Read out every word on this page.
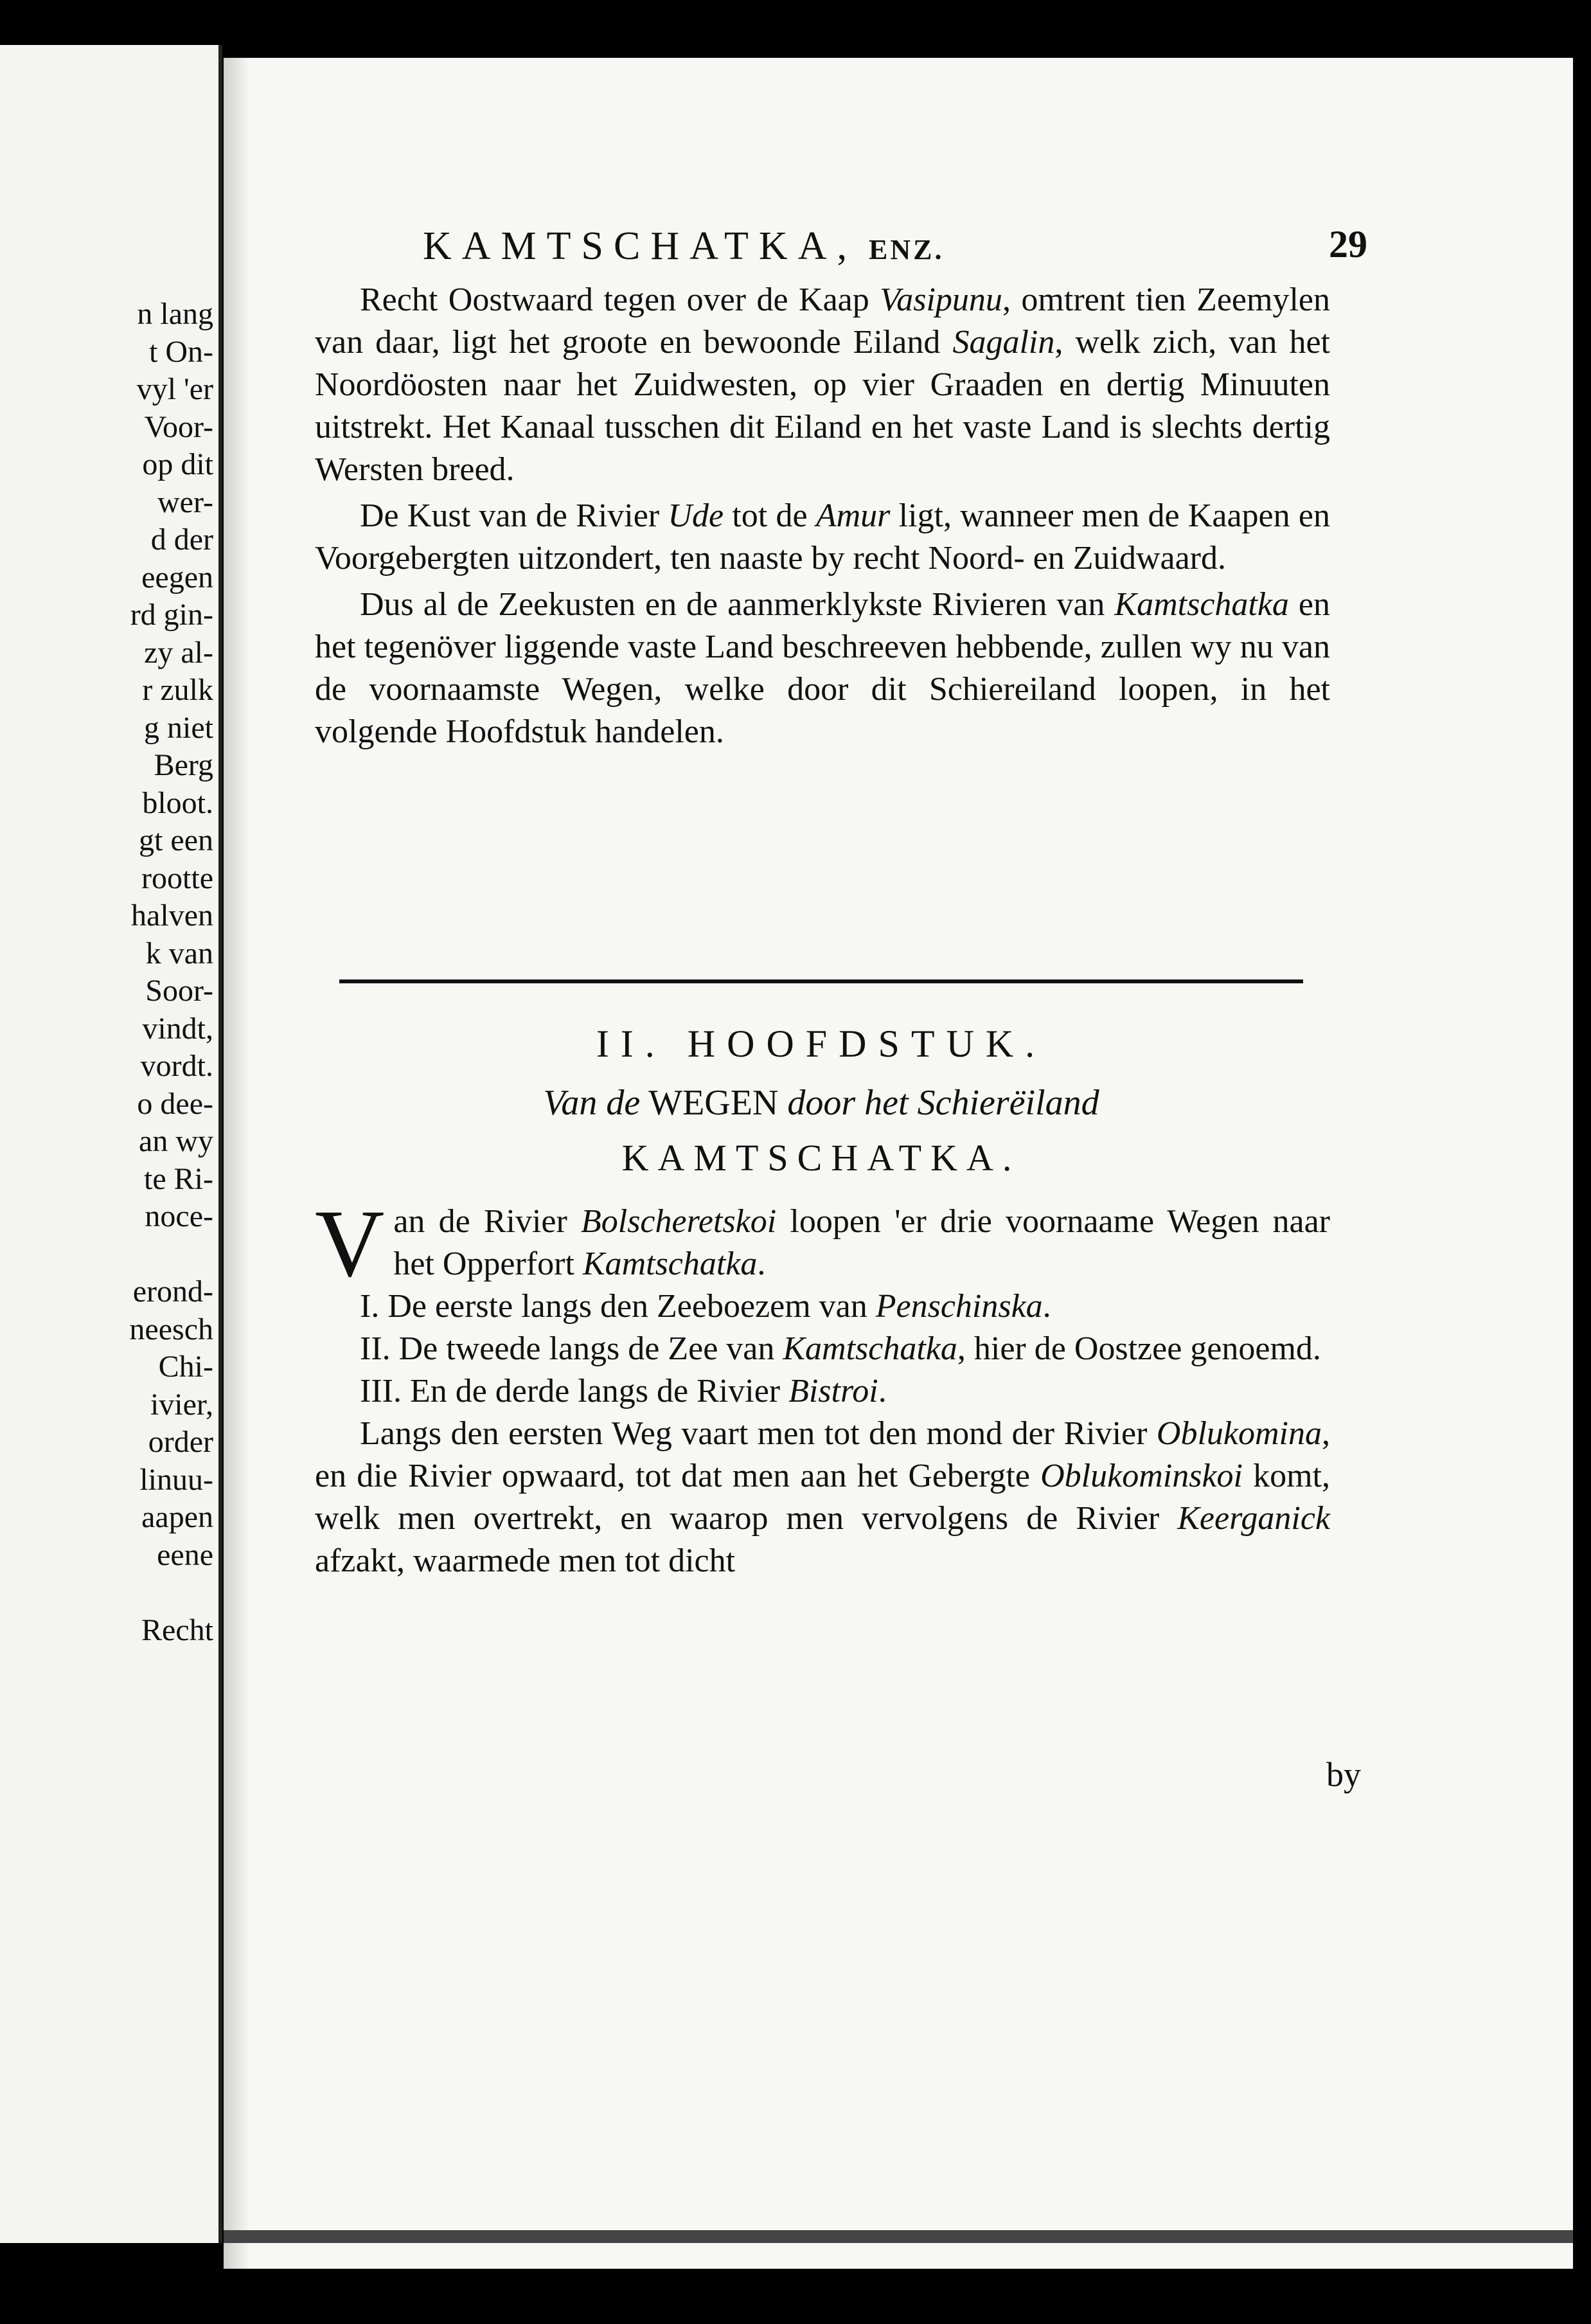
n lang
t On-
vyl 'er
Voor-
op dit
wer-
d der
eegen
rd gin-
zy al-
r zulk
g niet
Berg
bloot.
gt een
rootte
halven
k van
Soor-
vindt,
vordt.
o dee-
an wy
te Ri-
noce-
erond-
neesch
Chi-
ivier,
order
linuu-
aapen
eene
Recht
KAMTSCHATKA, ENZ.	29

Recht Oostwaard tegen over de Kaap Vasipunu, omtrent tien Zeemylen van daar, ligt het groote en bewoonde Eiland Sagalin, welk zich, van het Noordöosten naar het Zuidwesten, op vier Graaden en dertig Minuuten uitstrekt. Het Kanaal tusschen dit Eiland en het vaste Land is slechts dertig Wersten breed.

De Kust van de Rivier Ude tot de Amur ligt, wanneer men de Kaapen en Voorgebergten uitzondert, ten naaste by recht Noord- en Zuidwaard.

Dus al de Zeekusten en de aanmerklykste Rivieren van Kamtschatka en het tegenöver liggende vaste Land beschreeven hebbende, zullen wy nu van de voornaamste Wegen, welke door dit Schiereiland loopen, in het volgende Hoofdstuk handelen.

II. HOOFDSTUK.
Van de WEGEN door het Schierëiland
KAMTSCHATKA.

Van de Rivier Bolscheretskoi loopen 'er drie voornaame Wegen naar het Opperfort Kamtschatka.

I. De eerste langs den Zeeboezem van Penschinska.

II. De tweede langs de Zee van Kamtschatka, hier de Oostzee genoemd.

III. En de derde langs de Rivier Bistroi.

Langs den eersten Weg vaart men tot den mond der Rivier Oblukomina, en die Rivier opwaard, tot dat men aan het Gebergte Oblukominskoi komt, welk men overtrekt, en waarop men vervolgens de Rivier Keerganick afzakt, waarmede men tot dicht

by
